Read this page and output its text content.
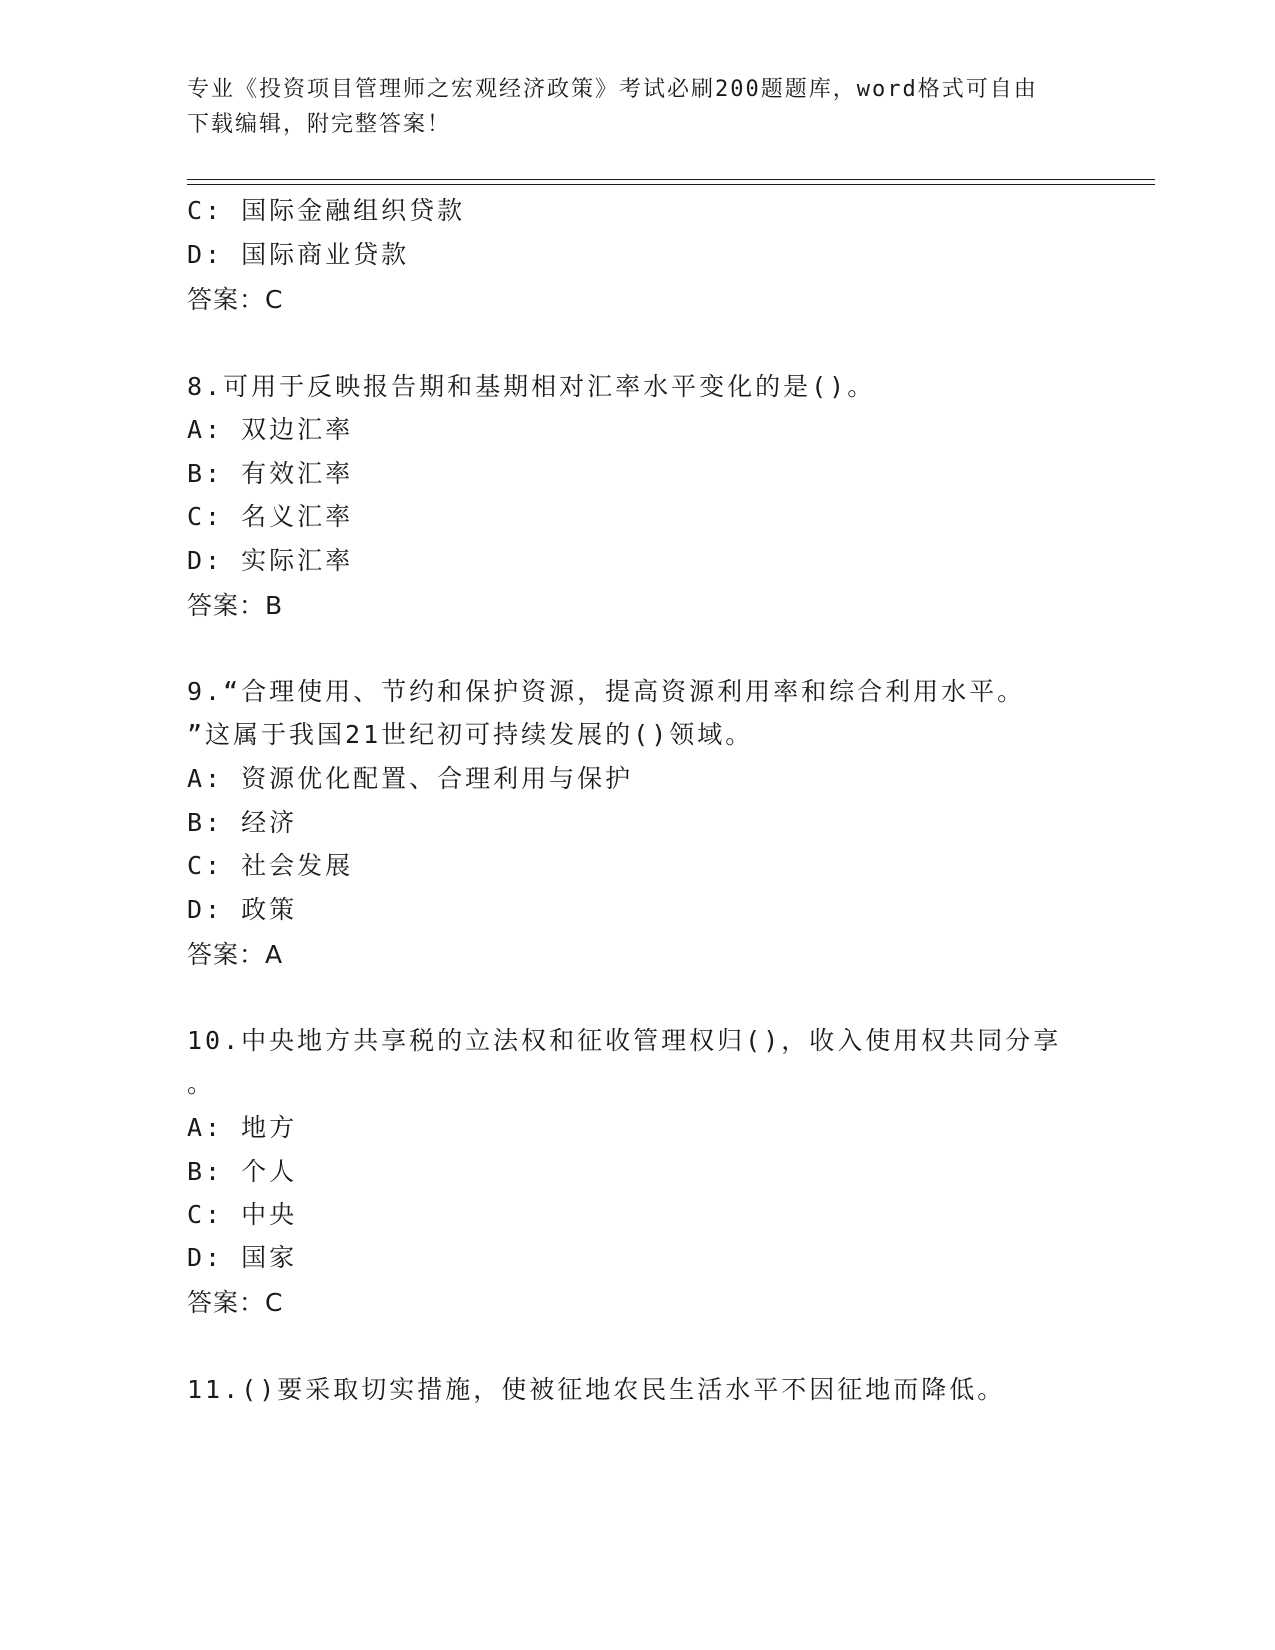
专业《投资项目管理师之宏观经济政策》考试必刷200题题库，word格式可自由
下载编辑，附完整答案！
C: 国际金融组织贷款
D: 国际商业贷款
答案：C
8.可用于反映报告期和基期相对汇率水平变化的是()。
A: 双边汇率
B: 有效汇率
C: 名义汇率
D: 实际汇率
答案：B
9.“合理使用、节约和保护资源，提高资源利用率和综合利用水平。
”这属于我国21世纪初可持续发展的()领域。
A: 资源优化配置、合理利用与保护
B: 经济
C: 社会发展
D: 政策
答案：A
10.中央地方共享税的立法权和征收管理权归()，收入使用权共同分享
。
A: 地方
B: 个人
C: 中央
D: 国家
答案：C
11.()要采取切实措施，使被征地农民生活水平不因征地而降低。
